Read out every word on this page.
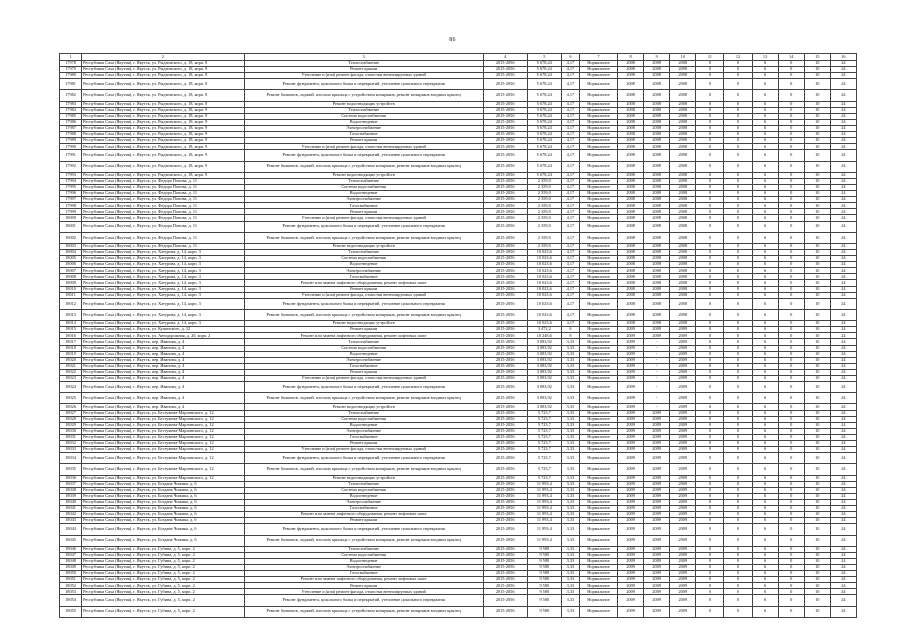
86
1	2	3	4	5	6	7	8	9	10	11	12	13	14	15	16
17978	Республика Саха (Якутия), г. Якутск, ул. Рыдзинского, д. 18, корп. 8	Теплоснабжение	2015-2056	5 678,24	4,17	Нормальное	2008	2008	2008	0	0	6	0	10	24
17979	Республика Саха (Якутия), г. Якутск, ул. Рыдзинского, д. 18, корп. 8	Ремонт крыши	2015-2056	5 678,24	4,17	Нормальное	2008	2008	2008	0	0	6	0	10	24
17980	Республика Саха (Якутия), г. Якутск, ул. Рыдзинского, д. 18, корп. 8	Утепление и (или) ремонт фасада, отмостки вентилируемых зданий	2015-2056	5 678,24	4,17	Нормальное	2008	2008	2008	0	0	6	0	10	24
17981	Республика Саха (Якутия), г. Якутск, ул. Рыдзинского, д. 18, корп. 8	Ремонт фундамента, цокольного балка и перекрытий, утепление цокольного перекрытия	2015-2056	5 678,24	4,17	Нормальное	2008	2008	2008	0	0	6	0	10	24
17982	Республика Саха (Якутия), г. Якутск, ул. Рыдзинского, д. 18, корп. 8	Ремонт балконов, лоджий, плоских крыльца с устройством козырьков, ремонт козырьков входных крылец	2015-2056	5 678,24	4,17	Нормальное	2008	2008	2008	0	0	6	0	10	24
17983	Республика Саха (Якутия), г. Якутск, ул. Рыдзинского, д. 18, корп. 8	Ремонт водоотводящих устройств	2015-2056	5 678,24	4,17	Нормальное	2008	2008	2008	0	0	6	0	10	24
17984	Республика Саха (Якутия), г. Якутск, ул. Рыдзинского, д. 18, корп. 9	Теплоснабжение	2015-2056	5 678,24	4,17	Нормальное	2008	2008	2008	0	0	6	0	10	24
17985	Республика Саха (Якутия), г. Якутск, ул. Рыдзинского, д. 18, корп. 9	Система водоснабжения	2015-2056	5 678,24	4,17	Нормальное	2008	2008	2008	0	0	6	0	10	24
17986	Республика Саха (Якутия), г. Якутск, ул. Рыдзинского, д. 18, корп. 9	Водоотведение	2015-2056	5 678,24	4,17	Нормальное	2008	2008	2008	0	0	6	0	10	24
17987	Республика Саха (Якутия), г. Якутск, ул. Рыдзинского, д. 18, корп. 9	Электроснабжение	2015-2056	5 678,24	4,17	Нормальное	2008	2008	2008	0	0	6	0	10	24
17988	Республика Саха (Якутия), г. Якутск, ул. Рыдзинского, д. 18, корп. 9	Газоснабжение	2015-2056	5 678,24	4,17	Нормальное	2008	2008	2008	0	0	6	0	10	24
17989	Республика Саха (Якутия), г. Якутск, ул. Рыдзинского, д. 18, корп. 9	Ремонт крыши	2015-2056	5 678,24	4,17	Нормальное	2008	2008	2008	0	0	6	0	10	24
17990	Республика Саха (Якутия), г. Якутск, ул. Рыдзинского, д. 18, корп. 9	Утепление и (или) ремонт фасада, отмостки вентилируемых зданий	2015-2056	5 678,24	4,17	Нормальное	2008	2008	2008	0	0	6	0	10	24
17991	Республика Саха (Якутия), г. Якутск, ул. Рыдзинского, д. 18, корп. 9	Ремонт фундамента, цокольного балка и перекрытий, утепление цокольного перекрытия	2015-2056	5 678,24	4,17	Нормальное	2008	2008	2008	0	0	6	0	10	24
17992	Республика Саха (Якутия), г. Якутск, ул. Рыдзинского, д. 18, корп. 9	Ремонт балконов, лоджий, плоских крыльца с устройством козырьков, ремонт козырьков входных крылец	2015-2056	5 678,24	4,17	Нормальное	2008	2008	2008	0	0	6	0	10	24
17993	Республика Саха (Якутия), г. Якутск, ул. Рыдзинского, д. 18, корп. 9	Ремонт водоотводящих устройств	2015-2056	5 678,24	4,17	Нормальное	2008	2008	2008	0	0	6	0	10	24
17994	Республика Саха (Якутия), г. Якутск, ул. Федора Попова, д. 11	Теплоснабжение	2015-2056	2 359,0	4,17	Нормальное	2008	2008	2008	0	0	6	0	10	24
17995	Республика Саха (Якутия), г. Якутск, ул. Федора Попова, д. 11	Система водоснабжения	2015-2056	2 359,0	4,17	Нормальное	2008	2008	2008	0	0	6	0	10	24
17996	Республика Саха (Якутия), г. Якутск, ул. Федора Попова, д. 11	Водоотведение	2015-2056	2 359,0	4,17	Нормальное	2008	2008	2008	0	0	6	0	10	24
17997	Республика Саха (Якутия), г. Якутск, ул. Федора Попова, д. 11	Электроснабжение	2015-2056	2 359,0	4,17	Нормальное	2008	2008	2008	0	0	6	0	10	24
17998	Республика Саха (Якутия), г. Якутск, ул. Федора Попова, д. 11	Газоснабжение	2015-2056	2 359,0	4,17	Нормальное	2008	2008	2008	0	0	6	0	10	24
17999	Республика Саха (Якутия), г. Якутск, ул. Федора Попова, д. 11	Ремонт крыши	2015-2056	2 359,0	4,17	Нормальное	2008	2008	2008	0	0	6	0	10	24
18000	Республика Саха (Якутия), г. Якутск, ул. Федора Попова, д. 11	Утепление и (или) ремонт фасада, отмостки вентилируемых зданий	2015-2056	2 359,0	4,17	Нормальное	2008	2008	2008	0	0	6	0	10	24
18001	Республика Саха (Якутия), г. Якутск, ул. Федора Попова, д. 11	Ремонт фундамента, цокольного балка и перекрытий, утепление цокольного перекрытия	2015-2056	2 359,0	4,17	Нормальное	2008	2008	2008	0	0	6	0	10	24
18002	Республика Саха (Якутия), г. Якутск, ул. Федора Попова, д. 11	Ремонт балконов, лоджий, плоских крыльца с устройством козырьков, ремонт козырьков входных крылец	2015-2056	2 359,0	4,17	Нормальное	2008	2008	2008	0	0	6	0	10	24
18003	Республика Саха (Якутия), г. Якутск, ул. Федора Попова, д. 11	Ремонт водоотводящих устройств	2015-2056	2 359,0	4,17	Нормальное	2008	2008	2008	0	0	6	0	10	24
18004	Республика Саха (Якутия), г. Якутск, ул. Хатурова, д. 14, корп. 3	Теплоснабжение	2015-2056	10 023,6	4,17	Нормальное	2008	2008	2008	0	0	6	0	10	24
18005	Республика Саха (Якутия), г. Якутск, ул. Хатурова, д. 14, корп. 3	Система водоснабжения	2015-2056	10 023,6	4,17	Нормальное	2008	2008	2008	0	0	6	0	10	24
18006	Республика Саха (Якутия), г. Якутск, ул. Хатурова, д. 14, корп. 3	Водоотведение	2015-2056	10 023,6	4,17	Нормальное	2008	2008	2008	0	0	6	0	10	24
18007	Республика Саха (Якутия), г. Якутск, ул. Хатурова, д. 14, корп. 3	Электроснабжение	2015-2056	10 023,6	4,17	Нормальное	2008	2008	2008	0	0	6	0	10	24
18008	Республика Саха (Якутия), г. Якутск, ул. Хатурова, д. 14, корп. 3	Газоснабжение	2015-2056	10 023,6	4,17	Нормальное	2008	2008	2008	0	0	6	0	10	24
18009	Республика Саха (Якутия), г. Якутск, ул. Хатурова, д. 14, корп. 3	Ремонт или замена лифтового оборудования, ремонт лифтовых шахт	2015-2056	10 023,6	4,17	Нормальное	2008	2008	2008	0	0	6	0	10	24
18010	Республика Саха (Якутия), г. Якутск, ул. Хатурова, д. 14, корп. 3	Ремонт крыши	2015-2056	10 023,6	4,17	Нормальное	2008	2008	2008	0	0	6	0	10	24
18011	Республика Саха (Якутия), г. Якутск, ул. Хатурова, д. 14, корп. 3	Утепление и (или) ремонт фасада, отмостки вентилируемых зданий	2015-2056	10 023,6	4,17	Нормальное	2008	2008	2008	0	0	6	0	10	24
18012	Республика Саха (Якутия), г. Якутск, ул. Хатурова, д. 14, корп. 3	Ремонт фундамента, цокольного балка и перекрытий, утепление цокольного перекрытия	2015-2056	10 023,6	4,17	Нормальное	2008	2008	2008	0	0	6	0	10	24
18013	Республика Саха (Якутия), г. Якутск, ул. Хатурова, д. 14, корп. 3	Ремонт балконов, лоджий, плоских крыльца с устройством козырьков, ремонт козырьков входных крылец	2015-2056	10 023,6	4,17	Нормальное	2008	2008	2008	0	0	6	0	10	24
18014	Республика Саха (Якутия), г. Якутск, ул. Хатурова, д. 14, корп. 3	Ремонт водоотводящих устройств	2015-2056	10 023,6	4,17	Нормальное	2008	2008	2008	0	0	6	0	10	24
18015	Республика Саха (Якутия), г. Якутск, ул. Купинского, д. 32	Ремонт крыши	2015-2056	3 472,2	6	Нормальное	2009	2009	2009	0	0	6	0	10	24
18016	Республика Саха (Якутия), г. Якутск, ул. Автодорожная, д. 20, корп. 2	Ремонт или замена лифтового оборудования, ремонт лифтовых шахт	2015-2056	10 248,6	8	Нормальное	2009	2009	2009	0	0	6	0	10	24
18017	Республика Саха (Якутия), г. Якутск, пер. Иванова, д. 4	Теплоснабжение	2015-2056	3 083,92	3,33	Нормальное	2009	-	2009	0	0	6	0	10	24
18018	Республика Саха (Якутия), г. Якутск, пер. Иванова, д. 4	Система водоснабжения	2015-2056	3 083,92	3,33	Нормальное	2009	-	2009	0	0	6	0	10	24
18019	Республика Саха (Якутия), г. Якутск, пер. Иванова, д. 4	Водоотведение	2015-2056	3 083,92	3,33	Нормальное	2009	-	2009	0	0	6	0	10	24
18020	Республика Саха (Якутия), г. Якутск, пер. Иванова, д. 4	Электроснабжение	2015-2056	3 083,92	3,33	Нормальное	2009	-	2009	0	0	6	0	10	24
18021	Республика Саха (Якутия), г. Якутск, пер. Иванова, д. 4	Газоснабжение	2015-2056	3 083,92	3,33	Нормальное	2009	-	2009	0	0	6	0	10	24
18022	Республика Саха (Якутия), г. Якутск, пер. Иванова, д. 4	Ремонт крыши	2015-2056	3 083,92	3,33	Нормальное	2009	-	2009	0	0	6	0	10	24
18023	Республика Саха (Якутия), г. Якутск, пер. Иванова, д. 4	Утепление и (или) ремонт фасада, отмостки вентилируемых зданий	2015-2056	3 083,92	3,33	Нормальное	2009	-	2009	0	0	6	0	10	24
18024	Республика Саха (Якутия), г. Якутск, пер. Иванова, д. 4	Ремонт фундамента, цокольного балка и перекрытий, утепление цокольного перекрытия	2015-2056	3 083,92	3,33	Нормальное	2009	-	2009	0	0	6	0	10	24
18025	Республика Саха (Якутия), г. Якутск, пер. Иванова, д. 4	Ремонт балконов, лоджий, плоских крыльца с устройством козырьков, ремонт козырьков входных крылец	2015-2056	3 083,92	3,33	Нормальное	2009	-	2009	0	0	6	0	10	24
18026	Республика Саха (Якутия), г. Якутск, пер. Иванова, д. 4	Ремонт водоотводящих устройств	2015-2056	3 083,92	3,33	Нормальное	2009	-	2009	0	0	6	0	10	24
18027	Республика Саха (Якутия), г. Якутск, ул. Бестужева-Марлинского, д. 12	Теплоснабжение	2015-2056	5 723,7	3,33	Нормальное	2009	2009	2009	0	0	6	0	10	24
18028	Республика Саха (Якутия), г. Якутск, ул. Бестужева-Марлинского, д. 12	Система водоснабжения	2015-2056	5 723,7	3,33	Нормальное	2009	2009	2009	0	0	6	0	10	24
18029	Республика Саха (Якутия), г. Якутск, ул. Бестужева-Марлинского, д. 12	Водоотведение	2015-2056	5 723,7	3,33	Нормальное	2009	2009	2009	0	0	6	0	10	24
18030	Республика Саха (Якутия), г. Якутск, ул. Бестужева-Марлинского, д. 12	Электроснабжение	2015-2056	5 723,7	3,33	Нормальное	2009	2009	2009	0	0	6	0	10	24
18031	Республика Саха (Якутия), г. Якутск, ул. Бестужева-Марлинского, д. 12	Газоснабжение	2015-2056	5 723,7	3,33	Нормальное	2009	2009	2009	0	0	6	0	10	24
18032	Республика Саха (Якутия), г. Якутск, ул. Бестужева-Марлинского, д. 12	Ремонт крыши	2015-2056	5 723,7	3,33	Нормальное	2009	2009	2009	0	0	6	0	10	24
18033	Республика Саха (Якутия), г. Якутск, ул. Бестужева-Марлинского, д. 12	Утепление и (или) ремонт фасада, отмостки вентилируемых зданий	2015-2056	5 723,7	3,33	Нормальное	2009	2009	2009	0	0	6	0	10	24
18034	Республика Саха (Якутия), г. Якутск, ул. Бестужева-Марлинского, д. 12	Ремонт фундамента, цокольного балка и перекрытий, утепление цокольного перекрытия	2015-2056	5 723,7	3,33	Нормальное	2009	2009	2009	0	0	6	0	10	24
18035	Республика Саха (Якутия), г. Якутск, ул. Бестужева-Марлинского, д. 12	Ремонт балконов, лоджий, плоских крыльца с устройством козырьков, ремонт козырьков входных крылец	2015-2056	5 723,7	3,33	Нормальное	2009	2009	2009	0	0	6	0	10	24
18036	Республика Саха (Якутия), г. Якутск, ул. Бестужева-Марлинского, д. 12	Ремонт водоотводящих устройств	2015-2056	5 723,7	3,33	Нормальное	2009	2009	2009	0	0	6	0	10	24
18037	Республика Саха (Якутия), г. Якутск, ул. Богдана Чижика, д. 6	Теплоснабжение	2015-2056	11 993,4	3,33	Нормальное	2009	2009	2009	0	0	6	0	10	24
18038	Республика Саха (Якутия), г. Якутск, ул. Богдана Чижика, д. 6	Система водоснабжения	2015-2056	11 993,4	3,33	Нормальное	2009	2009	2009	0	0	6	0	10	24
18039	Республика Саха (Якутия), г. Якутск, ул. Богдана Чижика, д. 6	Водоотведение	2015-2056	11 993,4	3,33	Нормальное	2009	2009	2009	0	0	6	0	10	24
18040	Республика Саха (Якутия), г. Якутск, ул. Богдана Чижика, д. 6	Электроснабжение	2015-2056	11 993,4	3,33	Нормальное	2009	2009	2009	0	0	6	0	10	24
18041	Республика Саха (Якутия), г. Якутск, ул. Богдана Чижика, д. 6	Газоснабжение	2015-2056	11 993,4	3,33	Нормальное	2009	2009	2009	0	0	6	0	10	24
18042	Республика Саха (Якутия), г. Якутск, ул. Богдана Чижика, д. 6	Ремонт или замена лифтового оборудования, ремонт лифтовых шахт	2015-2056	11 993,4	3,33	Нормальное	2009	2009	2009	0	0	6	0	10	24
18043	Республика Саха (Якутия), г. Якутск, ул. Богдана Чижика, д. 6	Ремонт крыши	2015-2056	11 993,4	3,33	Нормальное	2009	2009	2009	0	0	6	0	10	24
18044	Республика Саха (Якутия), г. Якутск, ул. Богдана Чижика, д. 6	Ремонт фундамента, цокольного балка и перекрытий, утепление цокольного перекрытия	2015-2056	11 993,4	3,33	Нормальное	2009	2009	2009	0	0	6	0	10	24
18045	Республика Саха (Якутия), г. Якутск, ул. Богдана Чижика, д. 6	Ремонт балконов, лоджий, плоских крыльца с устройством козырьков, ремонт козырьков входных крылец	2015-2056	11 993,4	3,33	Нормальное	2009	2009	2009	0	0	6	0	10	24
18046	Республика Саха (Якутия), г. Якутск, ул. Губина, д. 5, корп. 2	Теплоснабжение	2015-2056	9 580	3,33	Нормальное	2009	2009	2009	0	0	6	0	10	24
18047	Республика Саха (Якутия), г. Якутск, ул. Губина, д. 5, корп. 2	Система водоснабжения	2015-2056	9 580	3,33	Нормальное	2009	2009	2009	0	0	6	0	10	24
18048	Республика Саха (Якутия), г. Якутск, ул. Губина, д. 5, корп. 2	Водоотведение	2015-2056	9 580	3,33	Нормальное	2009	2009	2009	0	0	6	0	10	24
18049	Республика Саха (Якутия), г. Якутск, ул. Губина, д. 5, корп. 2	Электроснабжение	2015-2056	9 580	3,33	Нормальное	2009	2009	2009	0	0	6	0	10	24
18050	Республика Саха (Якутия), г. Якутск, ул. Губина, д. 5, корп. 2	Газоснабжение	2015-2056	9 580	3,33	Нормальное	2009	2009	2009	0	0	6	0	10	24
18051	Республика Саха (Якутия), г. Якутск, ул. Губина, д. 5, корп. 2	Ремонт или замена лифтового оборудования, ремонт лифтовых шахт	2015-2056	9 580	3,33	Нормальное	2009	2009	2009	0	0	6	0	10	24
18052	Республика Саха (Якутия), г. Якутск, ул. Губина, д. 5, корп. 2	Ремонт крыши	2015-2056	9 580	3,33	Нормальное	2009	2009	2009	0	0	6	0	10	24
18053	Республика Саха (Якутия), г. Якутск, ул. Губина, д. 5, корп. 2	Утепление и (или) ремонт фасада, отмостки вентилируемых зданий	2015-2056	9 580	3,33	Нормальное	2009	2009	2009	0	0	6	0	10	24
18054	Республика Саха (Якутия), г. Якутск, ул. Губина, д. 5, корп. 2	Ремонт фундамента, цокольного балка и перекрытий, утепление цокольного перекрытия	2015-2056	9 580	3,33	Нормальное	2009	2009	2009	0	0	6	0	10	24
18055	Республика Саха (Якутия), г. Якутск, ул. Губина, д. 5, корп. 2	Ремонт балконов, лоджий, плоских крыльца с устройством козырьков, ремонт козырьков входных крылец	2015-2056	9 580	3,33	Нормальное	2009	2009	2009	0	0	6	0	10	24
